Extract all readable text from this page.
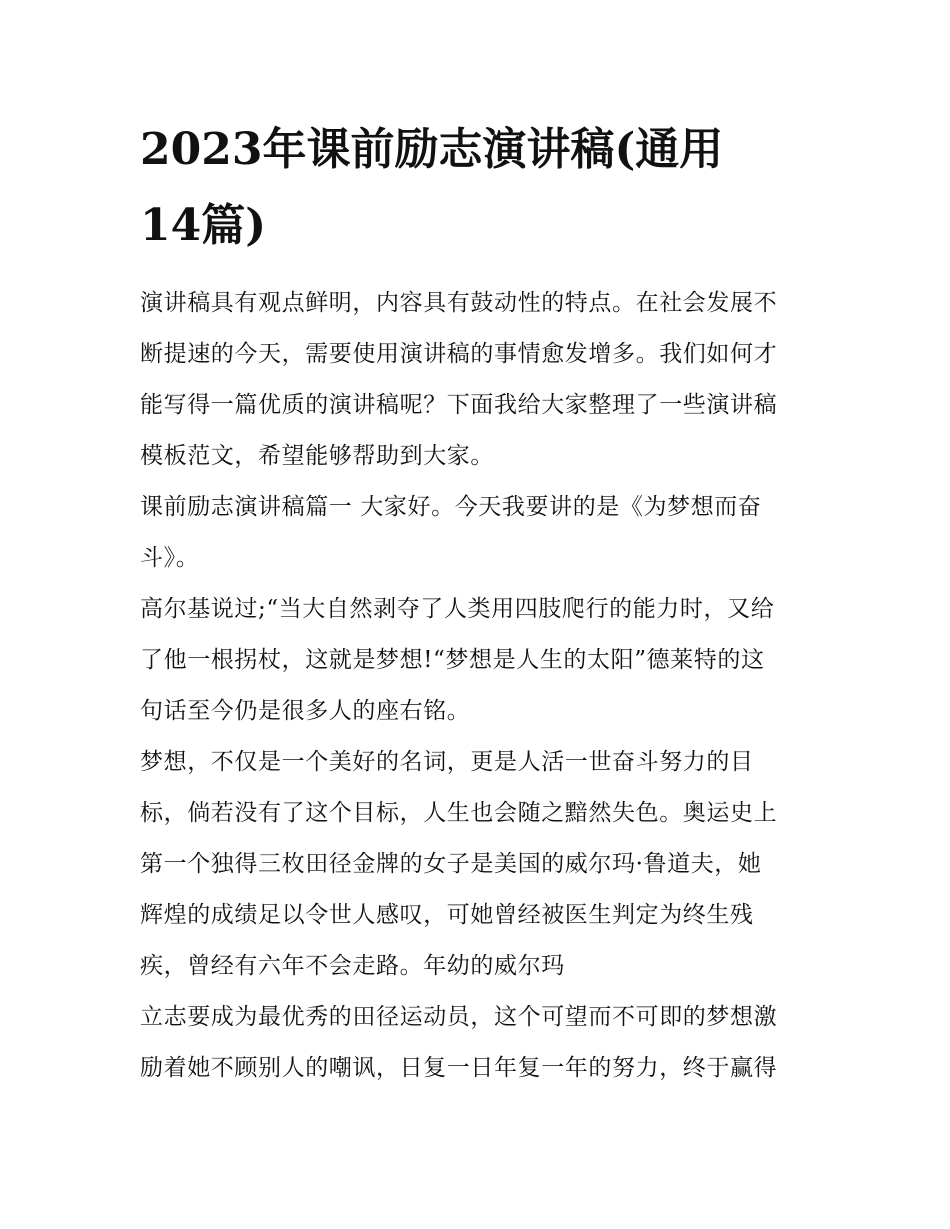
2023年课前励志演讲稿(通用
14篇)

演讲稿具有观点鲜明，内容具有鼓动性的特点。在社会发展不
断提速的今天，需要使用演讲稿的事情愈发增多。我们如何才
能写得一篇优质的演讲稿呢？下面我给大家整理了一些演讲稿
模板范文，希望能够帮助到大家。

课前励志演讲稿篇一 大家好。今天我要讲的是《为梦想而奋
斗》。

高尔基说过;“当大自然剥夺了人类用四肢爬行的能力时，又给
了他一根拐杖，这就是梦想!“梦想是人生的太阳”德莱特的这
句话至今仍是很多人的座右铭。

梦想，不仅是一个美好的名词，更是人活一世奋斗努力的目
标，倘若没有了这个目标，人生也会随之黯然失色。奥运史上
第一个独得三枚田径金牌的女子是美国的威尔玛·鲁道夫，她
辉煌的成绩足以令世人感叹，可她曾经被医生判定为终生残
疾，曾经有六年不会走路。年幼的威尔玛

立志要成为最优秀的田径运动员，这个可望而不可即的梦想激
励着她不顾别人的嘲讽，日复一日年复一年的努力，终于赢得
